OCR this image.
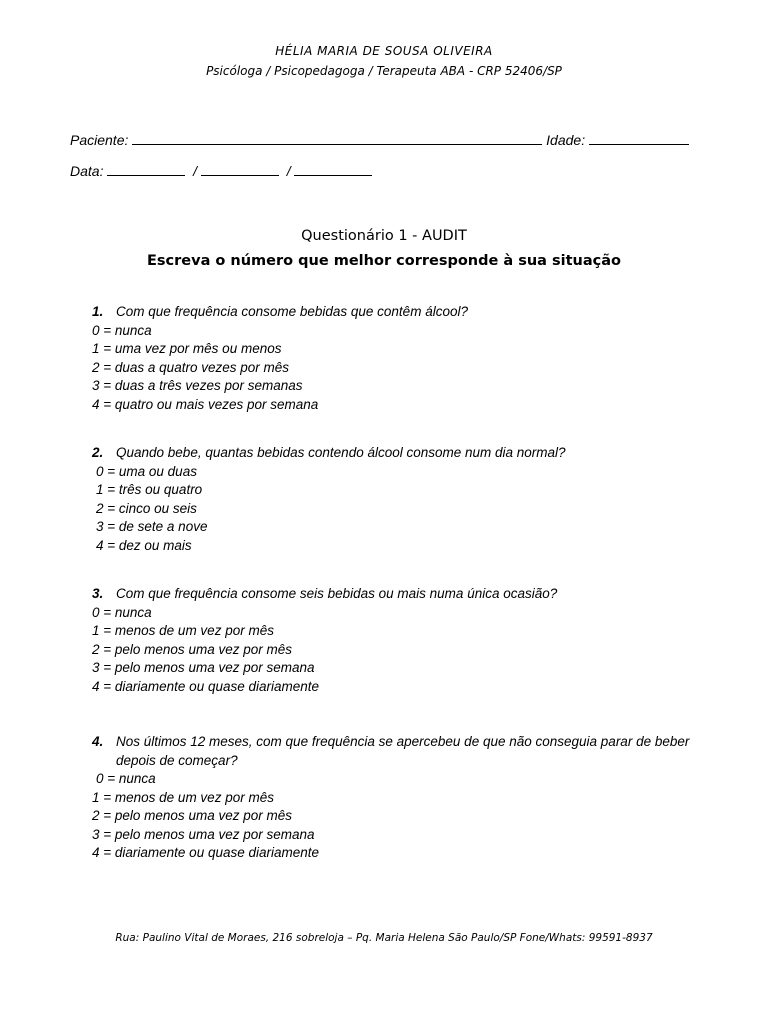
HÉLIA MARIA DE SOUSA OLIVEIRA
Psicóloga / Psicopedagoga / Terapeuta ABA - CRP 52406/SP
Paciente:	Idade:
Data:	/	/
Questionário 1 - AUDIT
Escreva o número que melhor corresponde à sua situação
1. Com que frequência consome bebidas que contêm álcool?
0 = nunca
1 = uma vez por mês ou menos
2 = duas a quatro vezes por mês
3 = duas a três vezes por semanas
4 = quatro ou mais vezes por semana
2. Quando bebe, quantas bebidas contendo álcool consome num dia normal?
0 = uma ou duas
1 = três ou quatro
2 = cinco ou seis
3 = de sete a nove
4 = dez ou mais
3. Com que frequência consome seis bebidas ou mais numa única ocasião?
0 = nunca
1 = menos de um vez por mês
2 = pelo menos uma vez por mês
3 = pelo menos uma vez por semana
4 = diariamente ou quase diariamente
4. Nos últimos 12 meses, com que frequência se apercebeu de que não conseguia parar de beber depois de começar?
0 = nunca
1 = menos de um vez por mês
2 = pelo menos uma vez por mês
3 = pelo menos uma vez por semana
4 = diariamente ou quase diariamente
Rua: Paulino Vital de Moraes, 216 sobreloja – Pq. Maria Helena São Paulo/SP Fone/Whats: 99591-8937
